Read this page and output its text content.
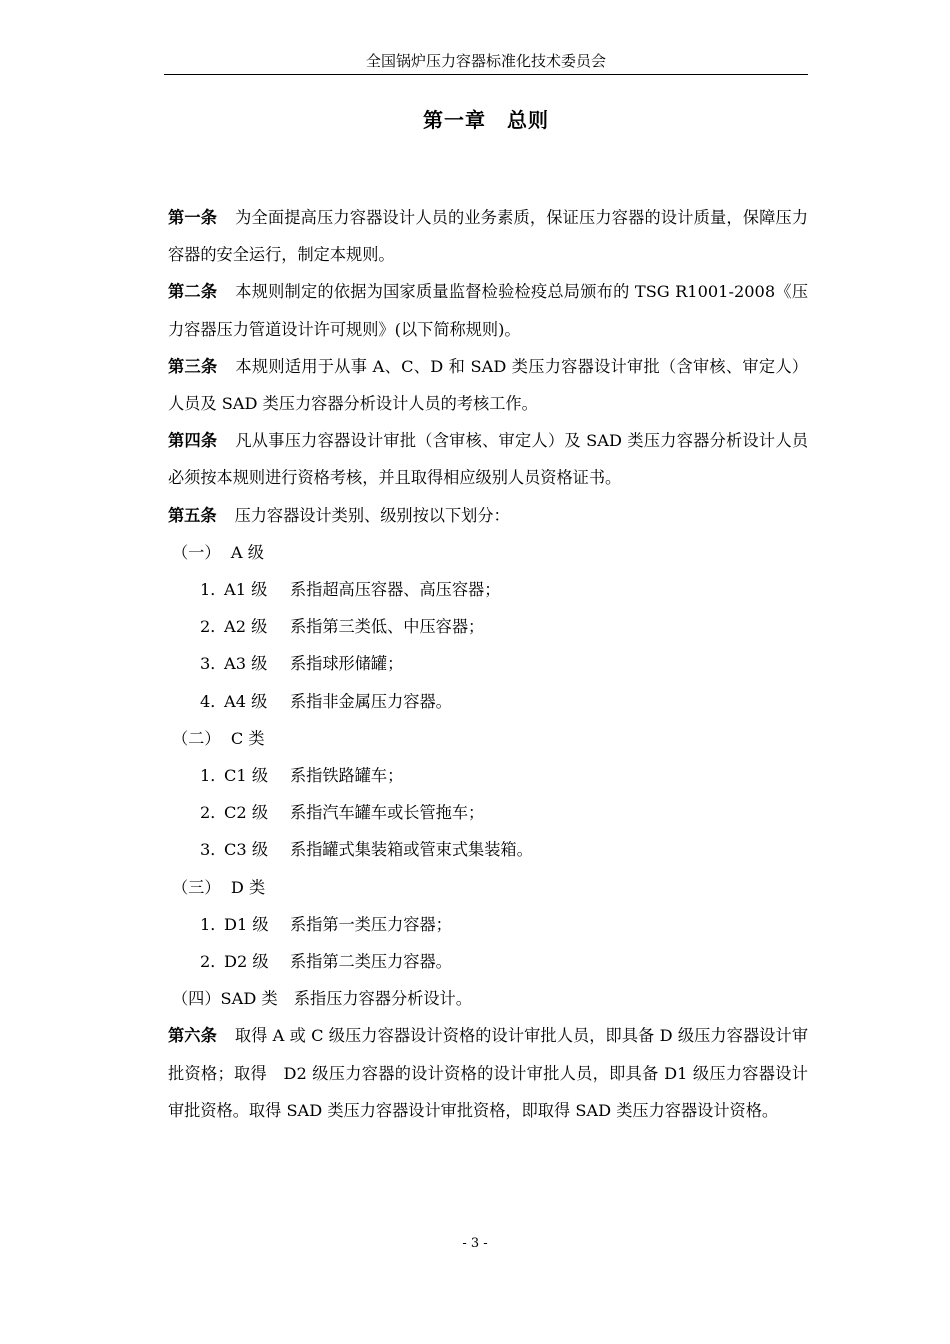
全国锅炉压力容器标准化技术委员会
第一章　总则

第一条 为全面提高压力容器设计人员的业务素质，保证压力容器的设计质量，保障压力容器的安全运行，制定本规则。

第二条 本规则制定的依据为国家质量监督检验检疫总局颁布的 TSG R1001-2008《压力容器压力管道设计许可规则》(以下简称规则)。

第三条 本规则适用于从事 A、C、D 和 SAD 类压力容器设计审批（含审核、审定人）人员及 SAD 类压力容器分析设计人员的考核工作。

第四条 凡从事压力容器设计审批（含审核、审定人）及 SAD 类压力容器分析设计人员必须按本规则进行资格考核，并且取得相应级别人员资格证书。

第五条 压力容器设计类别、级别按以下划分：

（一）  A 级

1．A1 级 系指超高压容器、高压容器；

2．A2 级 系指第三类低、中压容器；

3．A3 级 系指球形储罐；

4．A4 级 系指非金属压力容器。

（二）  C 类

1．C1 级 系指铁路罐车；

2．C2 级 系指汽车罐车或长管拖车；

3．C3 级 系指罐式集装箱或管束式集装箱。

（三）  D 类

1．D1 级 系指第一类压力容器；

2．D2 级 系指第二类压力容器。

（四）SAD 类　系指压力容器分析设计。

第六条 取得 A 或 C 级压力容器设计资格的设计审批人员，即具备 D 级压力容器设计审批资格；取得　D2 级压力容器的设计资格的设计审批人员，即具备 D1 级压力容器设计审批资格。取得 SAD 类压力容器设计审批资格，即取得 SAD 类压力容器设计资格。

- 3 -
